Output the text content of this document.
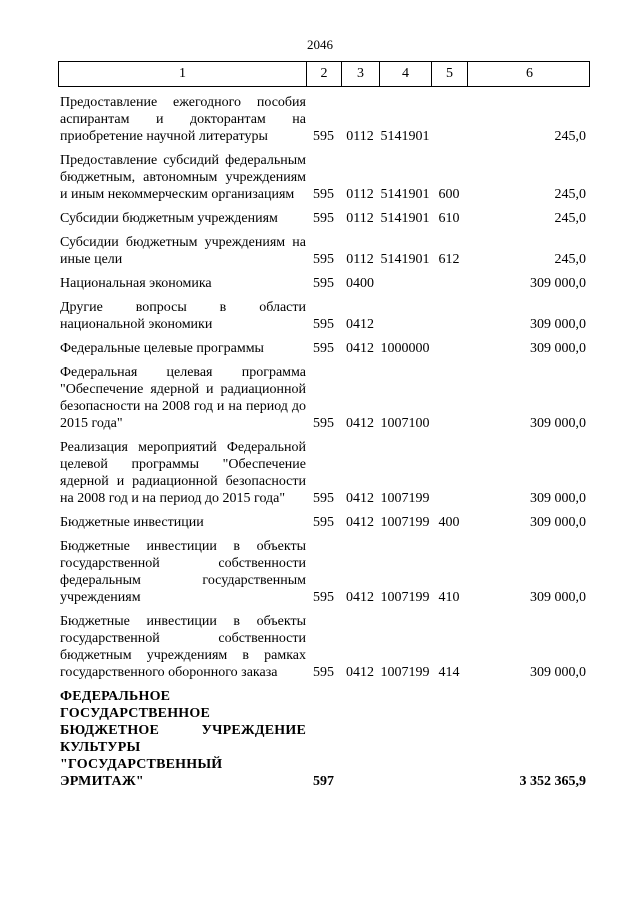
2046
1	2	3	4	5	6
Предоставление ежегодного пособия аспирантам и докторантам на приобретение научной литературы	595 0112 5141901	245,0
Предоставление субсидий федеральным бюджетным, автономным учреждениям и иным некоммерческим организациям	595 0112 5141901 600	245,0
Субсидии бюджетным учреждениям	595 0112 5141901 610	245,0
Субсидии бюджетным учреждениям на иные цели	595 0112 5141901 612	245,0
Национальная экономика	595 0400	309 000,0
Другие вопросы в области национальной экономики	595 0412	309 000,0
Федеральные целевые программы	595 0412 1000000	309 000,0
Федеральная целевая программа "Обеспечение ядерной и радиационной безопасности на 2008 год и на период до 2015 года"	595 0412 1007100	309 000,0
Реализация мероприятий Федеральной целевой программы "Обеспечение ядерной и радиационной безопасности на 2008 год и на период до 2015 года"	595 0412 1007199	309 000,0
Бюджетные инвестиции	595 0412 1007199 400	309 000,0
Бюджетные инвестиции в объекты государственной собственности федеральным государственным учреждениям	595 0412 1007199 410	309 000,0
Бюджетные инвестиции в объекты государственной собственности бюджетным учреждениям в рамках государственного оборонного заказа	595 0412 1007199 414	309 000,0
ФЕДЕРАЛЬНОЕ ГОСУДАРСТВЕННОЕ БЮДЖЕТНОЕ УЧРЕЖДЕНИЕ КУЛЬТУРЫ "ГОСУДАРСТВЕННЫЙ ЭРМИТАЖ"	597	3 352 365,9
